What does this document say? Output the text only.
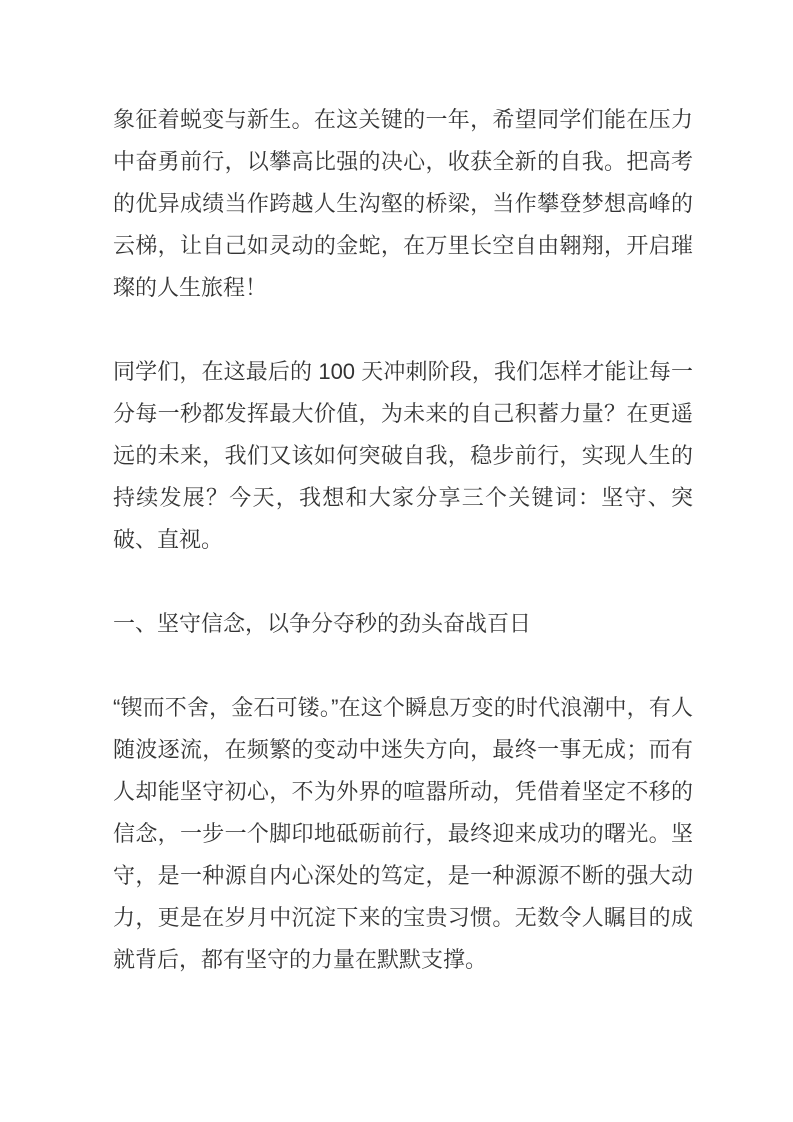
象征着蜕变与新生。在这关键的一年，希望同学们能在压力中奋勇前行，以攀高比强的决心，收获全新的自我。把高考的优异成绩当作跨越人生沟壑的桥梁，当作攀登梦想高峰的云梯，让自己如灵动的金蛇，在万里长空自由翱翔，开启璀璨的人生旅程！

同学们，在这最后的 100 天冲刺阶段，我们怎样才能让每一分每一秒都发挥最大价值，为未来的自己积蓄力量？在更遥远的未来，我们又该如何突破自我，稳步前行，实现人生的持续发展？今天，我想和大家分享三个关键词：坚守、突破、直视。

一、坚守信念，以争分夺秒的劲头奋战百日

“锲而不舍，金石可镂。”在这个瞬息万变的时代浪潮中，有人随波逐流，在频繁的变动中迷失方向，最终一事无成；而有人却能坚守初心，不为外界的喧嚣所动，凭借着坚定不移的信念，一步一个脚印地砥砺前行，最终迎来成功的曙光。坚守，是一种源自内心深处的笃定，是一种源源不断的强大动力，更是在岁月中沉淀下来的宝贵习惯。无数令人瞩目的成就背后，都有坚守的力量在默默支撑。
